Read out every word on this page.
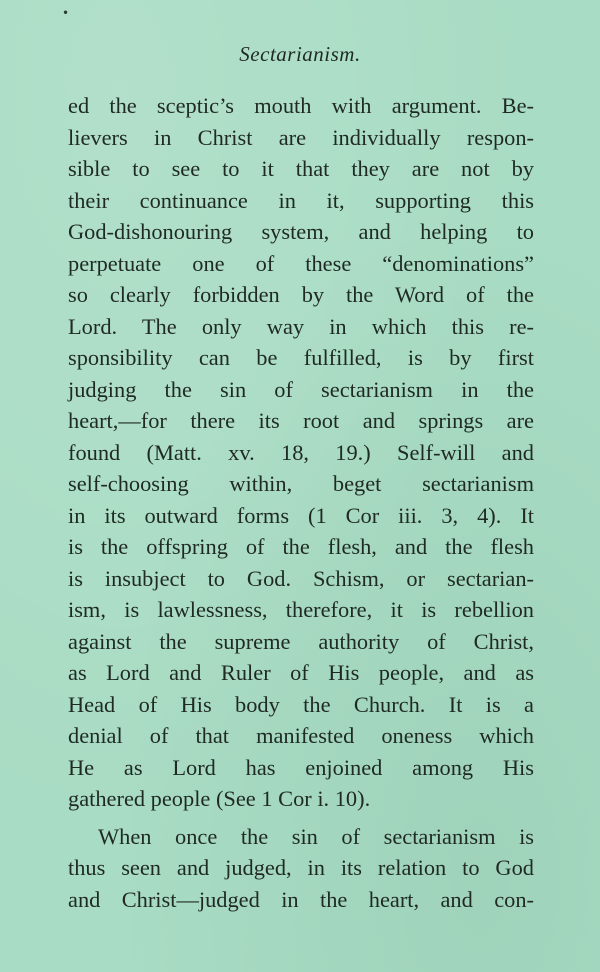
•
Sectarianism.
ed the sceptic’s mouth with argument. Be-
lievers in Christ are individually respon-
sible to see to it that they are not by
their continuance in it, supporting this
God-dishonouring system, and helping to
perpetuate one of these “denominations”
so clearly forbidden by the Word of the
Lord. The only way in which this re-
sponsibility can be fulfilled, is by first
judging the sin of sectarianism in the
heart,—for there its root and springs are
found (Matt. xv. 18, 19.) Self-will and
self-choosing within, beget sectarianism
in its outward forms (1 Cor iii. 3, 4). It
is the offspring of the flesh, and the flesh
is insubject to God. Schism, or sectarian-
ism, is lawlessness, therefore, it is rebellion
against the supreme authority of Christ,
as Lord and Ruler of His people, and as
Head of His body the Church. It is a
denial of that manifested oneness which
He as Lord has enjoined among His
gathered people (See 1 Cor i. 10).
When once the sin of sectarianism is
thus seen and judged, in its relation to God
and Christ—judged in the heart, and con-
